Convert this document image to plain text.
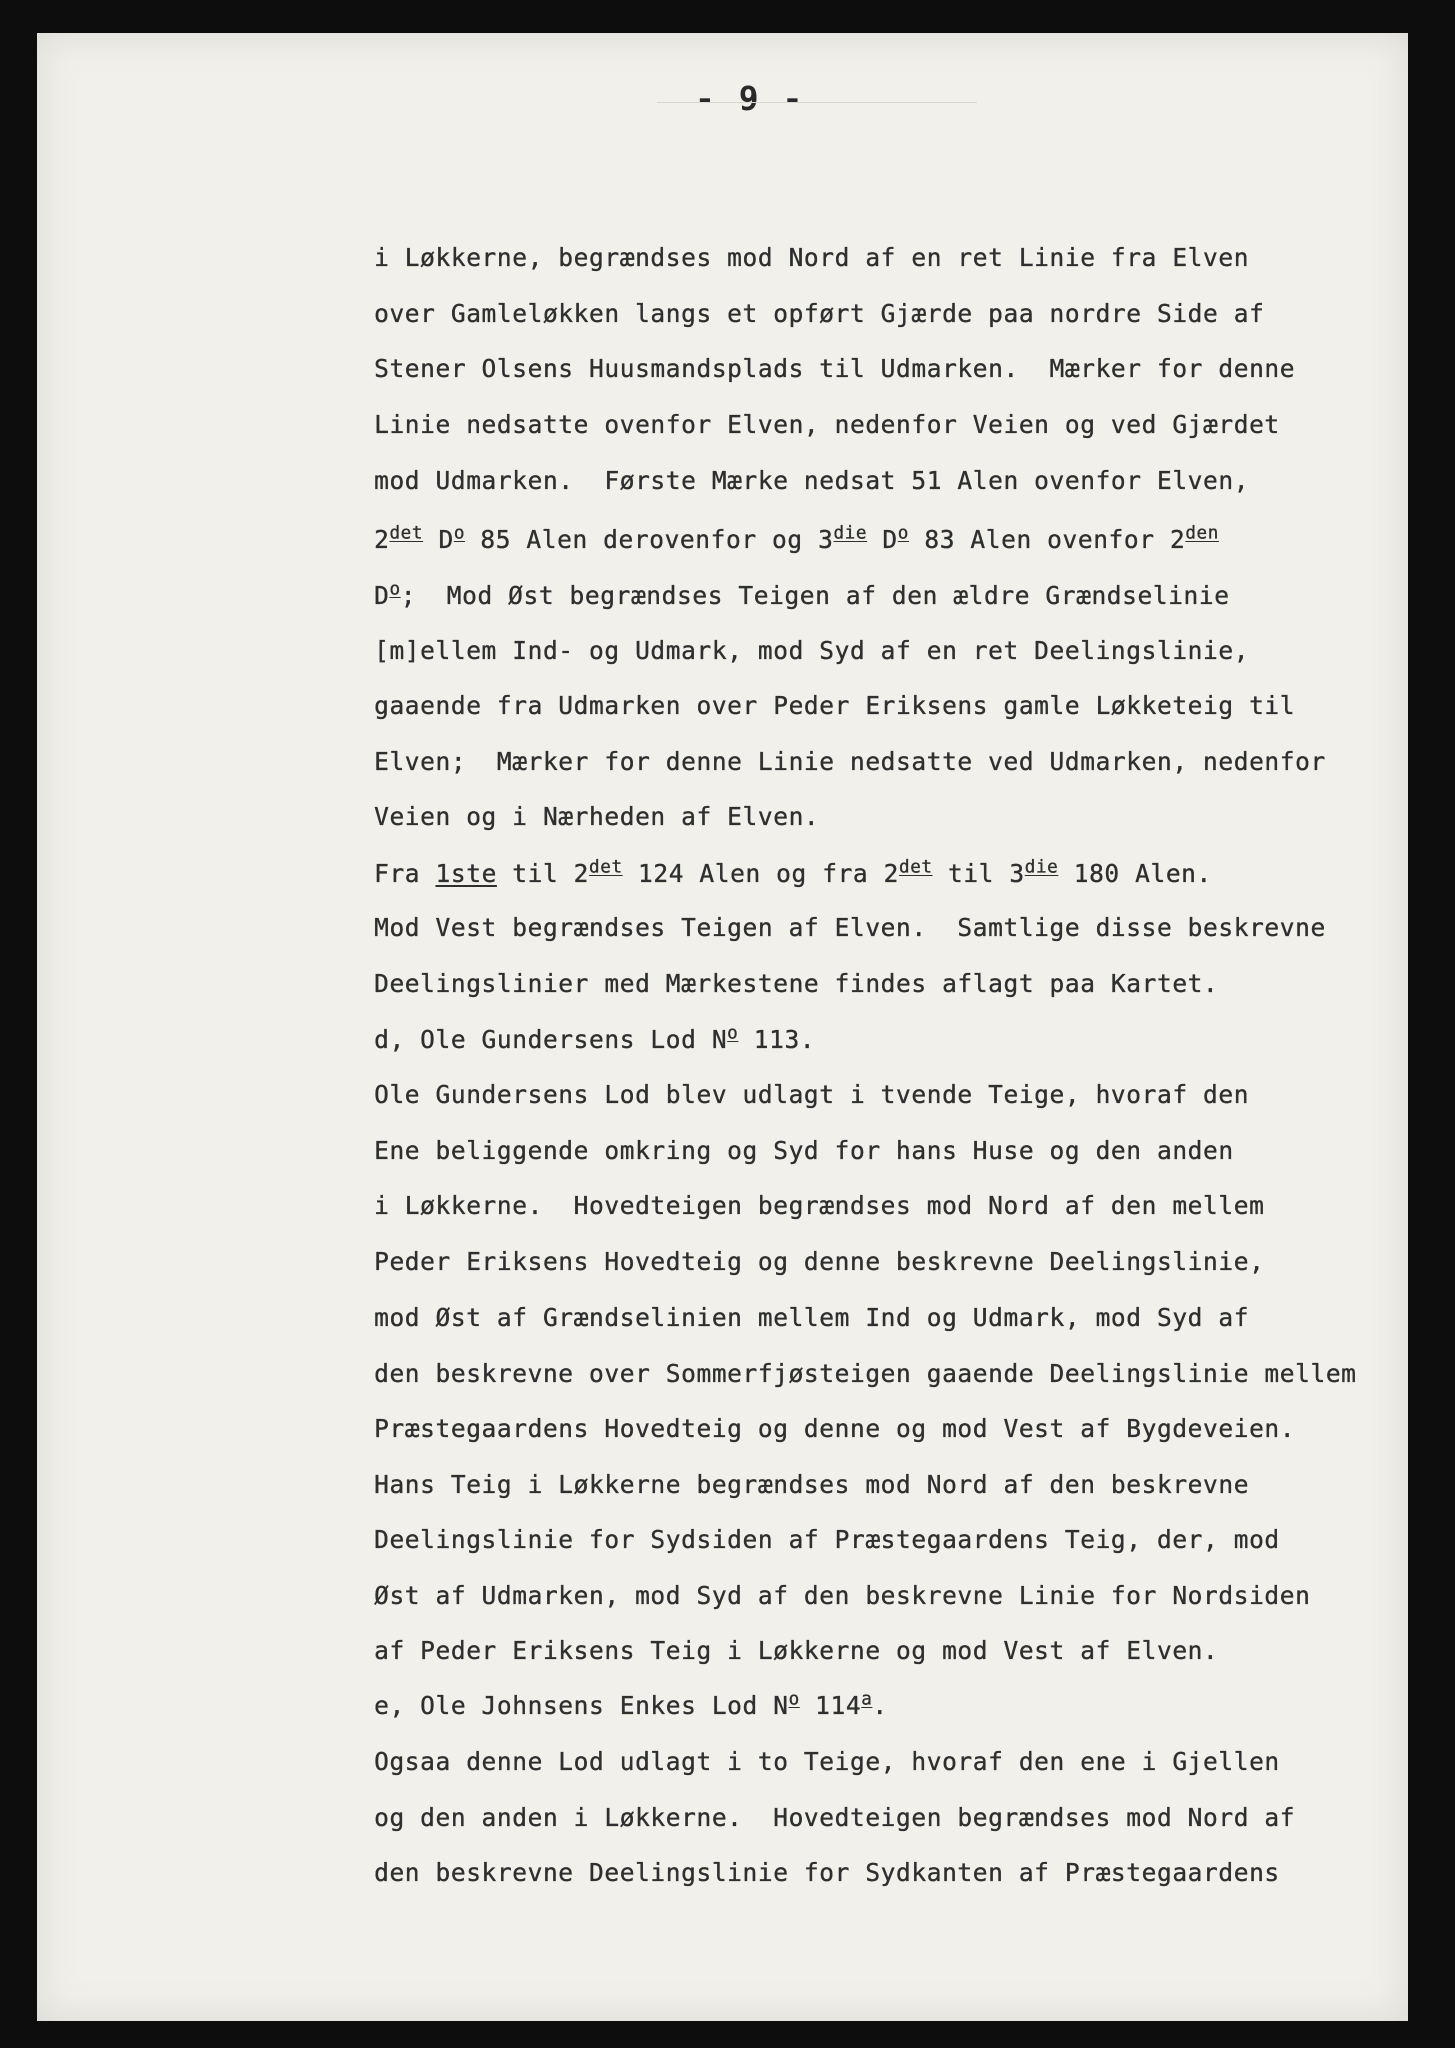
- 9 -

i Løkkerne, begrændses mod Nord af en ret Linie fra Elven

over Gamleløkken langs et opført Gjærde paa nordre Side af

Stener Olsens Huusmandsplads til Udmarken.  Mærker for denne

Linie nedsatte ovenfor Elven, nedenfor Veien og ved Gjærdet

mod Udmarken.  Første Mærke nedsat 51 Alen ovenfor Elven,

$2^{det}$ $D^o$ 85 Alen derovenfor og $3^{die}$ $D^o$ 83 Alen ovenfor $2^{den}$

$D^o$;  Mod Øst begrændses Teigen af den ældre Grændselinie

[m]ellem Ind- og Udmark, mod Syd af en ret Deelingslinie,

gaaende fra Udmarken over Peder Eriksens gamle Løkketeig til

Elven;  Mærker for denne Linie nedsatte ved Udmarken, nedenfor

Veien og i Nærheden af Elven.

Fra 1ste til $2^{det}$ 124 Alen og fra $2^{det}$ til $3^{die}$ 180 Alen.

Mod Vest begrændses Teigen af Elven.  Samtlige disse beskrevne

Deelingslinier med Mærkestene findes aflagt paa Kartet.

d, Ole Gundersens Lod $N^o$ 113.

Ole Gundersens Lod blev udlagt i tvende Teige, hvoraf den

Ene beliggende omkring og Syd for hans Huse og den anden

i Løkkerne.  Hovedteigen begrændses mod Nord af den mellem

Peder Eriksens Hovedteig og denne beskrevne Deelingslinie,

mod Øst af Grændselinien mellem Ind og Udmark, mod Syd af

den beskrevne over Sommerfjøsteigen gaaende Deelingslinie mellem

Præstegaardens Hovedteig og denne og mod Vest af Bygdeveien.

Hans Teig i Løkkerne begrændses mod Nord af den beskrevne

Deelingslinie for Sydsiden af Præstegaardens Teig, der, mod

Øst af Udmarken, mod Syd af den beskrevne Linie for Nordsiden

af Peder Eriksens Teig i Løkkerne og mod Vest af Elven.

e, Ole Johnsens Enkes Lod $N^o$ 114$^a$.

Ogsaa denne Lod udlagt i to Teige, hvoraf den ene i Gjellen

og den anden i Løkkerne.  Hovedteigen begrændses mod Nord af

den beskrevne Deelingslinie for Sydkanten af Præstegaardens
